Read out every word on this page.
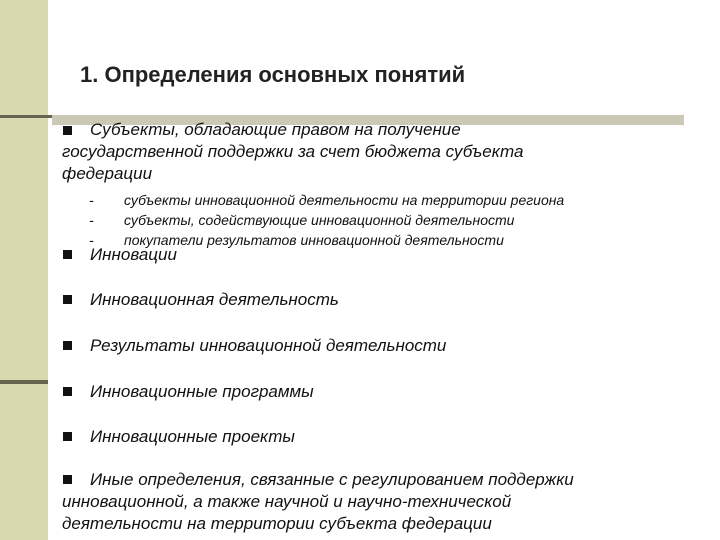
1. Определения основных понятий
Субъекты, обладающие правом на получение
государственной поддержки за счет бюджета субъекта
федерации
-	субъекты инновационной деятельности на территории региона
-	субъекты, содействующие инновационной деятельности
-	покупатели результатов инновационной деятельности
Инновации
Инновационная деятельность
Результаты инновационной деятельности
Инновационные программы
Инновационные проекты
Иные определения, связанные с регулированием поддержки
инновационной, а также научной и научно-технической
деятельности на территории субъекта федерации
